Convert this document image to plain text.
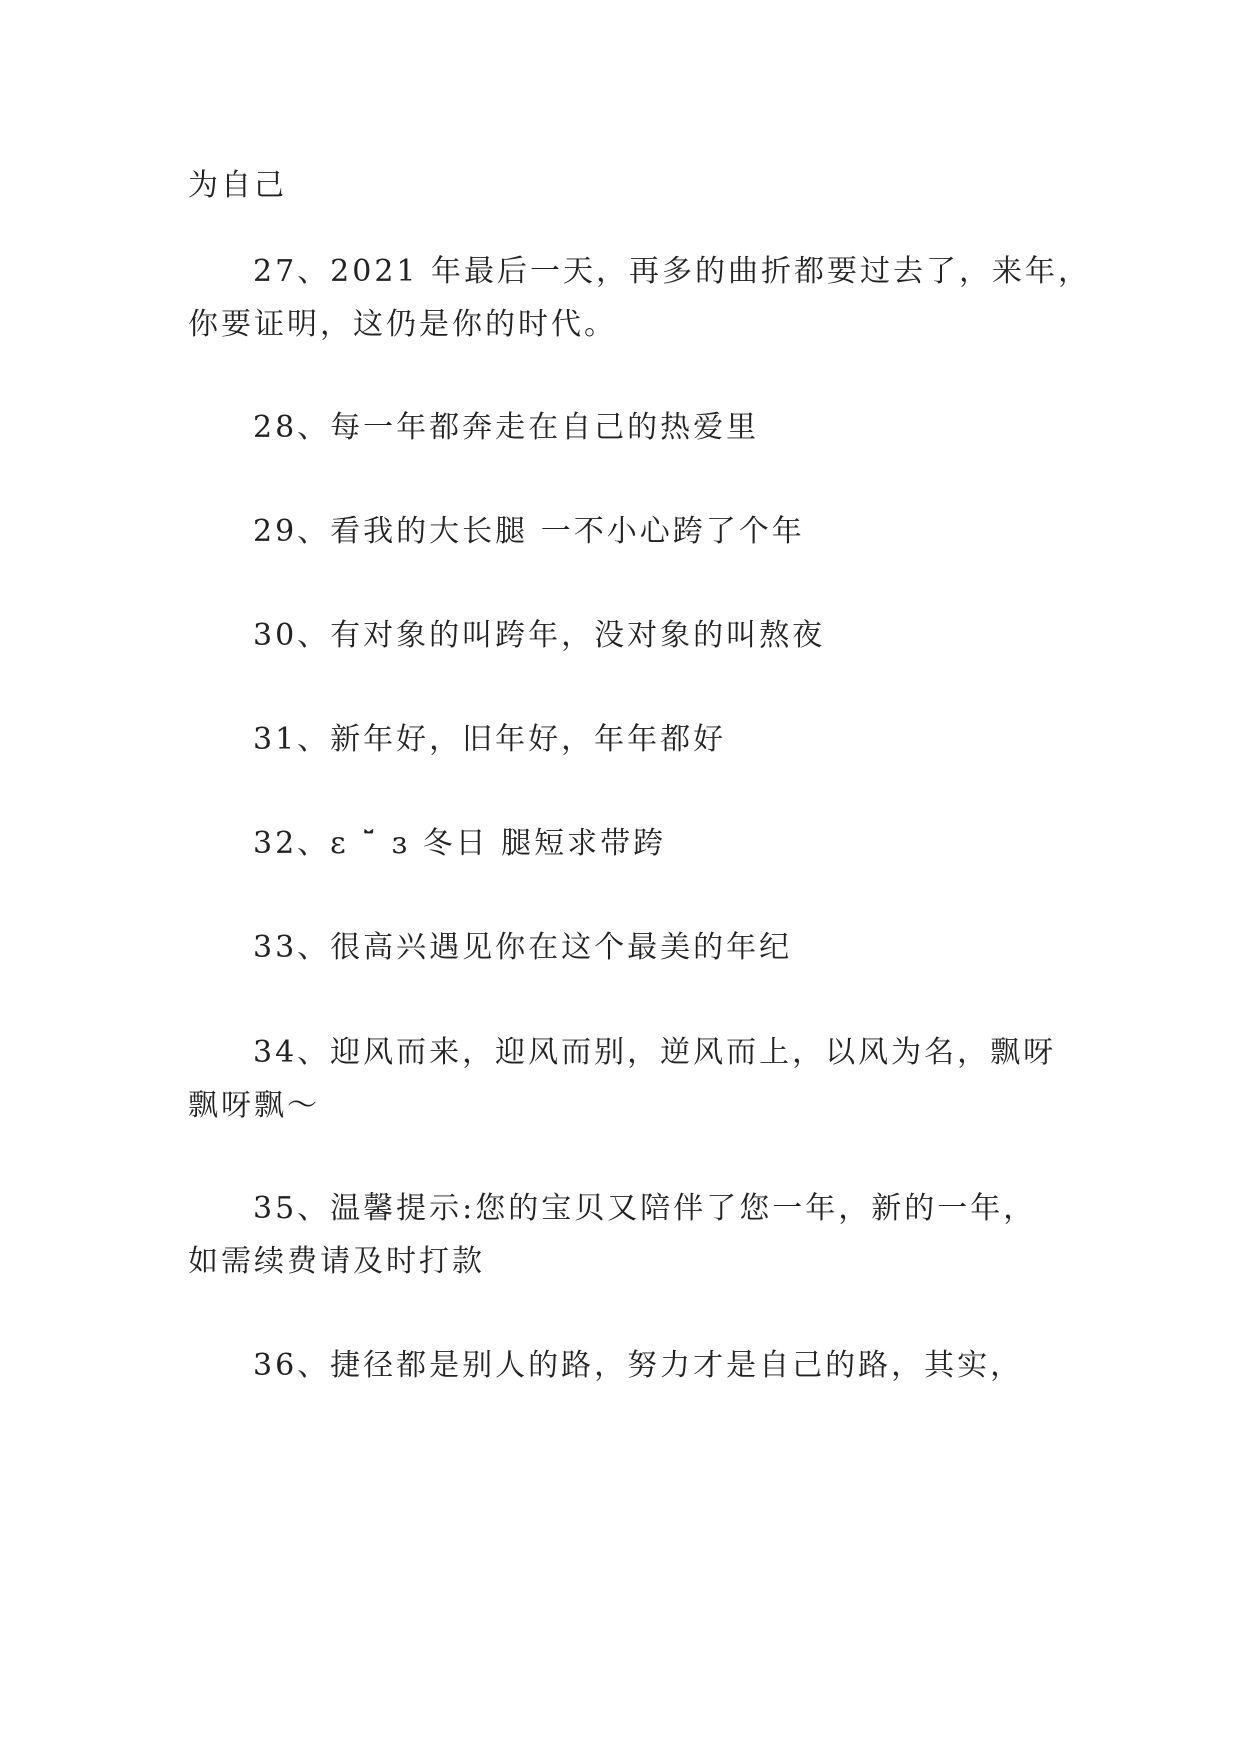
为自己
27、2021 年最后一天，再多的曲折都要过去了，来年，
你要证明，这仍是你的时代。
28、每一年都奔走在自己的热爱里
29、看我的大长腿 一不小心跨了个年
30、有对象的叫跨年，没对象的叫熬夜
31、新年好，旧年好，年年都好
32、ɛ ˘̈ ɜ 冬日 腿短求带跨
33、很高兴遇见你在这个最美的年纪
34、迎风而来，迎风而别，逆风而上，以风为名，飘呀
飘呀飘～
35、温馨提示:您的宝贝又陪伴了您一年，新的一年，
如需续费请及时打款
36、捷径都是别人的路，努力才是自己的路，其实，
